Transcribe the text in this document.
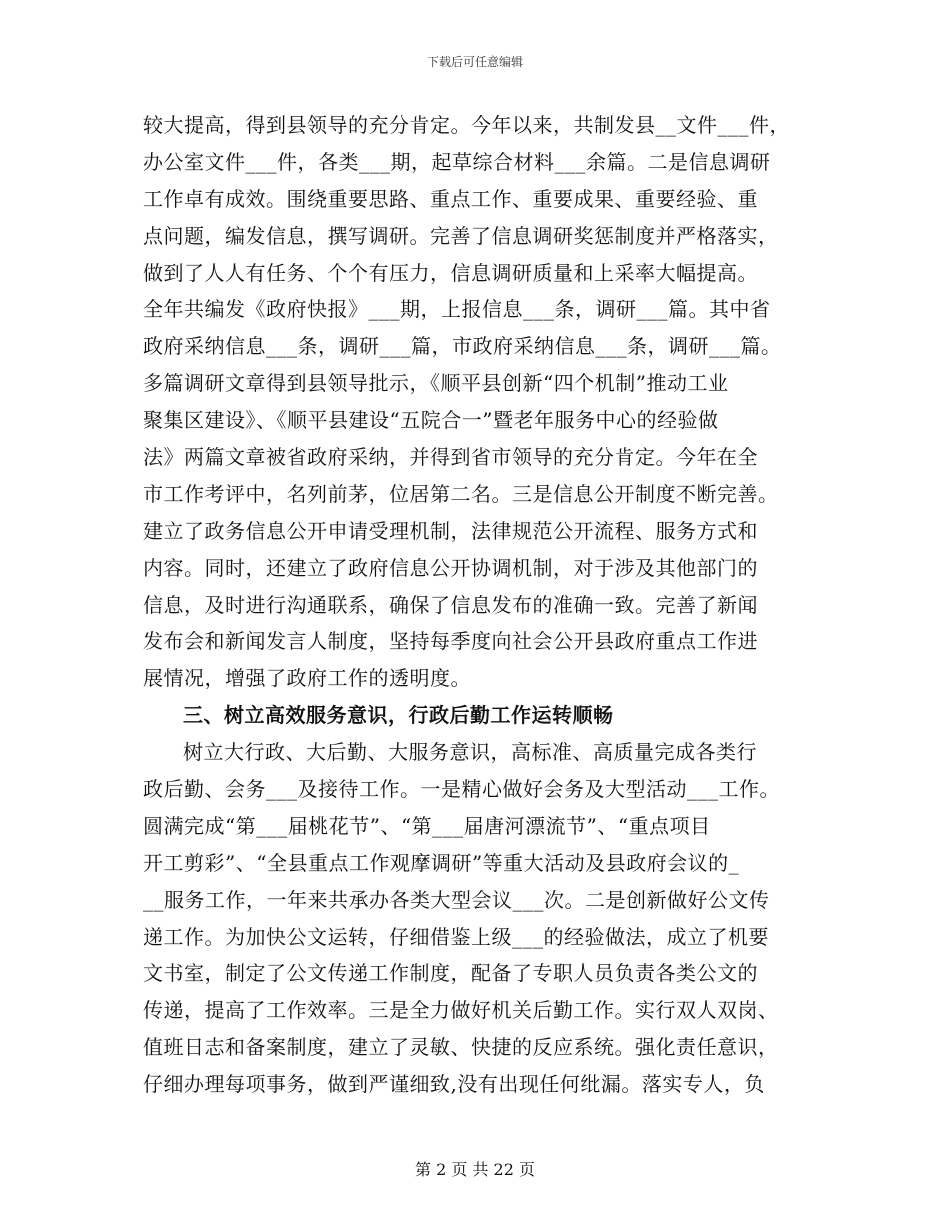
下载后可任意编辑
较大提高，得到县领导的充分肯定。今年以来，共制发县__文件___件，
办公室文件___件，各类___期，起草综合材料___余篇。二是信息调研
工作卓有成效。围绕重要思路、重点工作、重要成果、重要经验、重
点问题，编发信息，撰写调研。完善了信息调研奖惩制度并严格落实，
做到了人人有任务、个个有压力，信息调研质量和上采率大幅提高。
全年共编发《政府快报》___期，上报信息___条，调研___篇。其中省
政府采纳信息___条，调研___篇，市政府采纳信息___条，调研___篇。
多篇调研文章得到县领导批示，《顺平县创新“四个机制”推动工业
聚集区建设》、《顺平县建设“五院合一”暨老年服务中心的经验做
法》两篇文章被省政府采纳，并得到省市领导的充分肯定。今年在全
市工作考评中，名列前茅，位居第二名。三是信息公开制度不断完善。
建立了政务信息公开申请受理机制，法律规范公开流程、服务方式和
内容。同时，还建立了政府信息公开协调机制，对于涉及其他部门的
信息，及时进行沟通联系，确保了信息发布的准确一致。完善了新闻
发布会和新闻发言人制度，坚持每季度向社会公开县政府重点工作进
展情况，增强了政府工作的透明度。
三、树立高效服务意识，行政后勤工作运转顺畅
树立大行政、大后勤、大服务意识，高标准、高质量完成各类行
政后勤、会务___及接待工作。一是精心做好会务及大型活动___工作。
圆满完成“第___届桃花节”、“第___届唐河漂流节”、“重点项目
开工剪彩”、“全县重点工作观摩调研”等重大活动及县政府会议的_
__服务工作，一年来共承办各类大型会议___次。二是创新做好公文传
递工作。为加快公文运转，仔细借鉴上级___的经验做法，成立了机要
文书室，制定了公文传递工作制度，配备了专职人员负责各类公文的
传递，提高了工作效率。三是全力做好机关后勤工作。实行双人双岗、
值班日志和备案制度，建立了灵敏、快捷的反应系统。强化责任意识，
仔细办理每项事务，做到严谨细致,没有出现任何纰漏。落实专人，负
第 2 页 共 22 页
